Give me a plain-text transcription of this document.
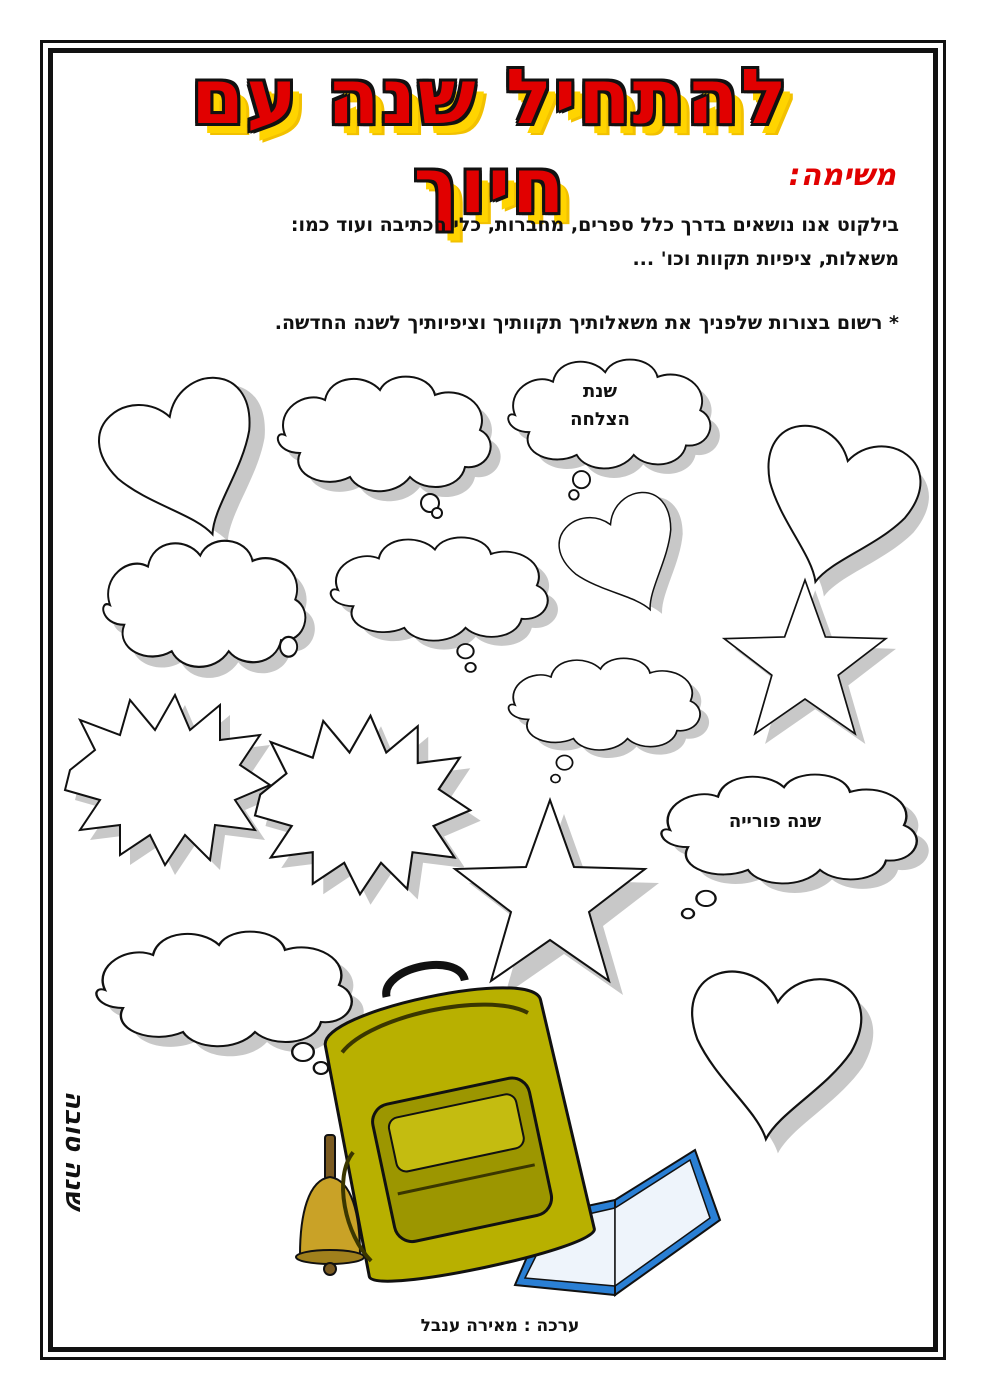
להתחיל שנה עם חיוך	משימה:
בילקוט אנו נושאים בדרך כלל ספרים, מחברות, כלי הכתיבה ועוד כמו:
משאלות, ציפיות תקוות וכו' ...
* רשום בצורות שלפניך את משאלותיך תקוותיך וציפיותיך לשנה החדשה.
שנת
הצלחה
שנה פורייה
שנה טובה
ערכה : מאירה ענבל
